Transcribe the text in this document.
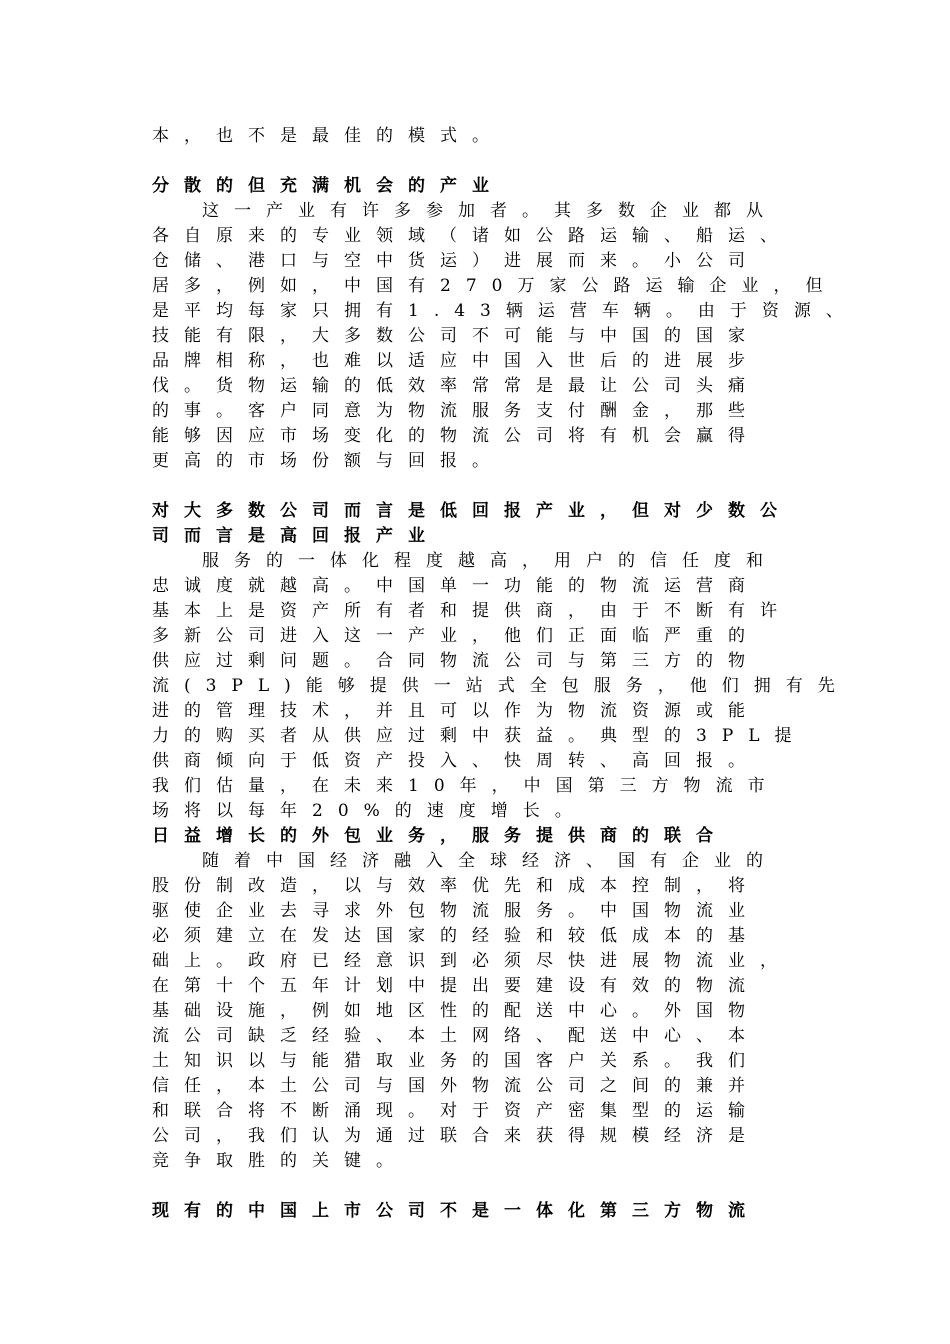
本，也不是最佳的模式。
分散的但充满机会的产业
这一产业有许多参加者。其多数企业都从
各自原来的专业领域（诸如公路运输、船运、
仓储、港口与空中货运）进展而来。小公司
居多，例如，中国有270万家公路运输企业，但
是平均每家只拥有1.43辆运营车辆。由于资源、
技能有限，大多数公司不可能与中国的国家
品牌相称，也难以适应中国入世后的进展步
伐。货物运输的低效率常常是最让公司头痛
的事。客户同意为物流服务支付酬金，那些
能够因应市场变化的物流公司将有机会赢得
更高的市场份额与回报。
对大多数公司而言是低回报产业，但对少数公
司而言是高回报产业
服务的一体化程度越高，用户的信任度和
忠诚度就越高。中国单一功能的物流运营商
基本上是资产所有者和提供商，由于不断有许
多新公司进入这一产业，他们正面临严重的
供应过剩问题。合同物流公司与第三方的物
流(3PL)能够提供一站式全包服务，他们拥有先
进的管理技术，并且可以作为物流资源或能
力的购买者从供应过剩中获益。典型的3PL提
供商倾向于低资产投入、快周转、高回报。
我们估量，在未来10年，中国第三方物流市
场将以每年20%的速度增长。
日益增长的外包业务，服务提供商的联合
随着中国经济融入全球经济、国有企业的
股份制改造，以与效率优先和成本控制，将
驱使企业去寻求外包物流服务。中国物流业
必须建立在发达国家的经验和较低成本的基
础上。政府已经意识到必须尽快进展物流业，
在第十个五年计划中提出要建设有效的物流
基础设施，例如地区性的配送中心。外国物
流公司缺乏经验、本土网络、配送中心、本
土知识以与能猎取业务的国客户关系。我们
信任，本土公司与国外物流公司之间的兼并
和联合将不断涌现。对于资产密集型的运输
公司，我们认为通过联合来获得规模经济是
竞争取胜的关键。
现有的中国上市公司不是一体化第三方物流
